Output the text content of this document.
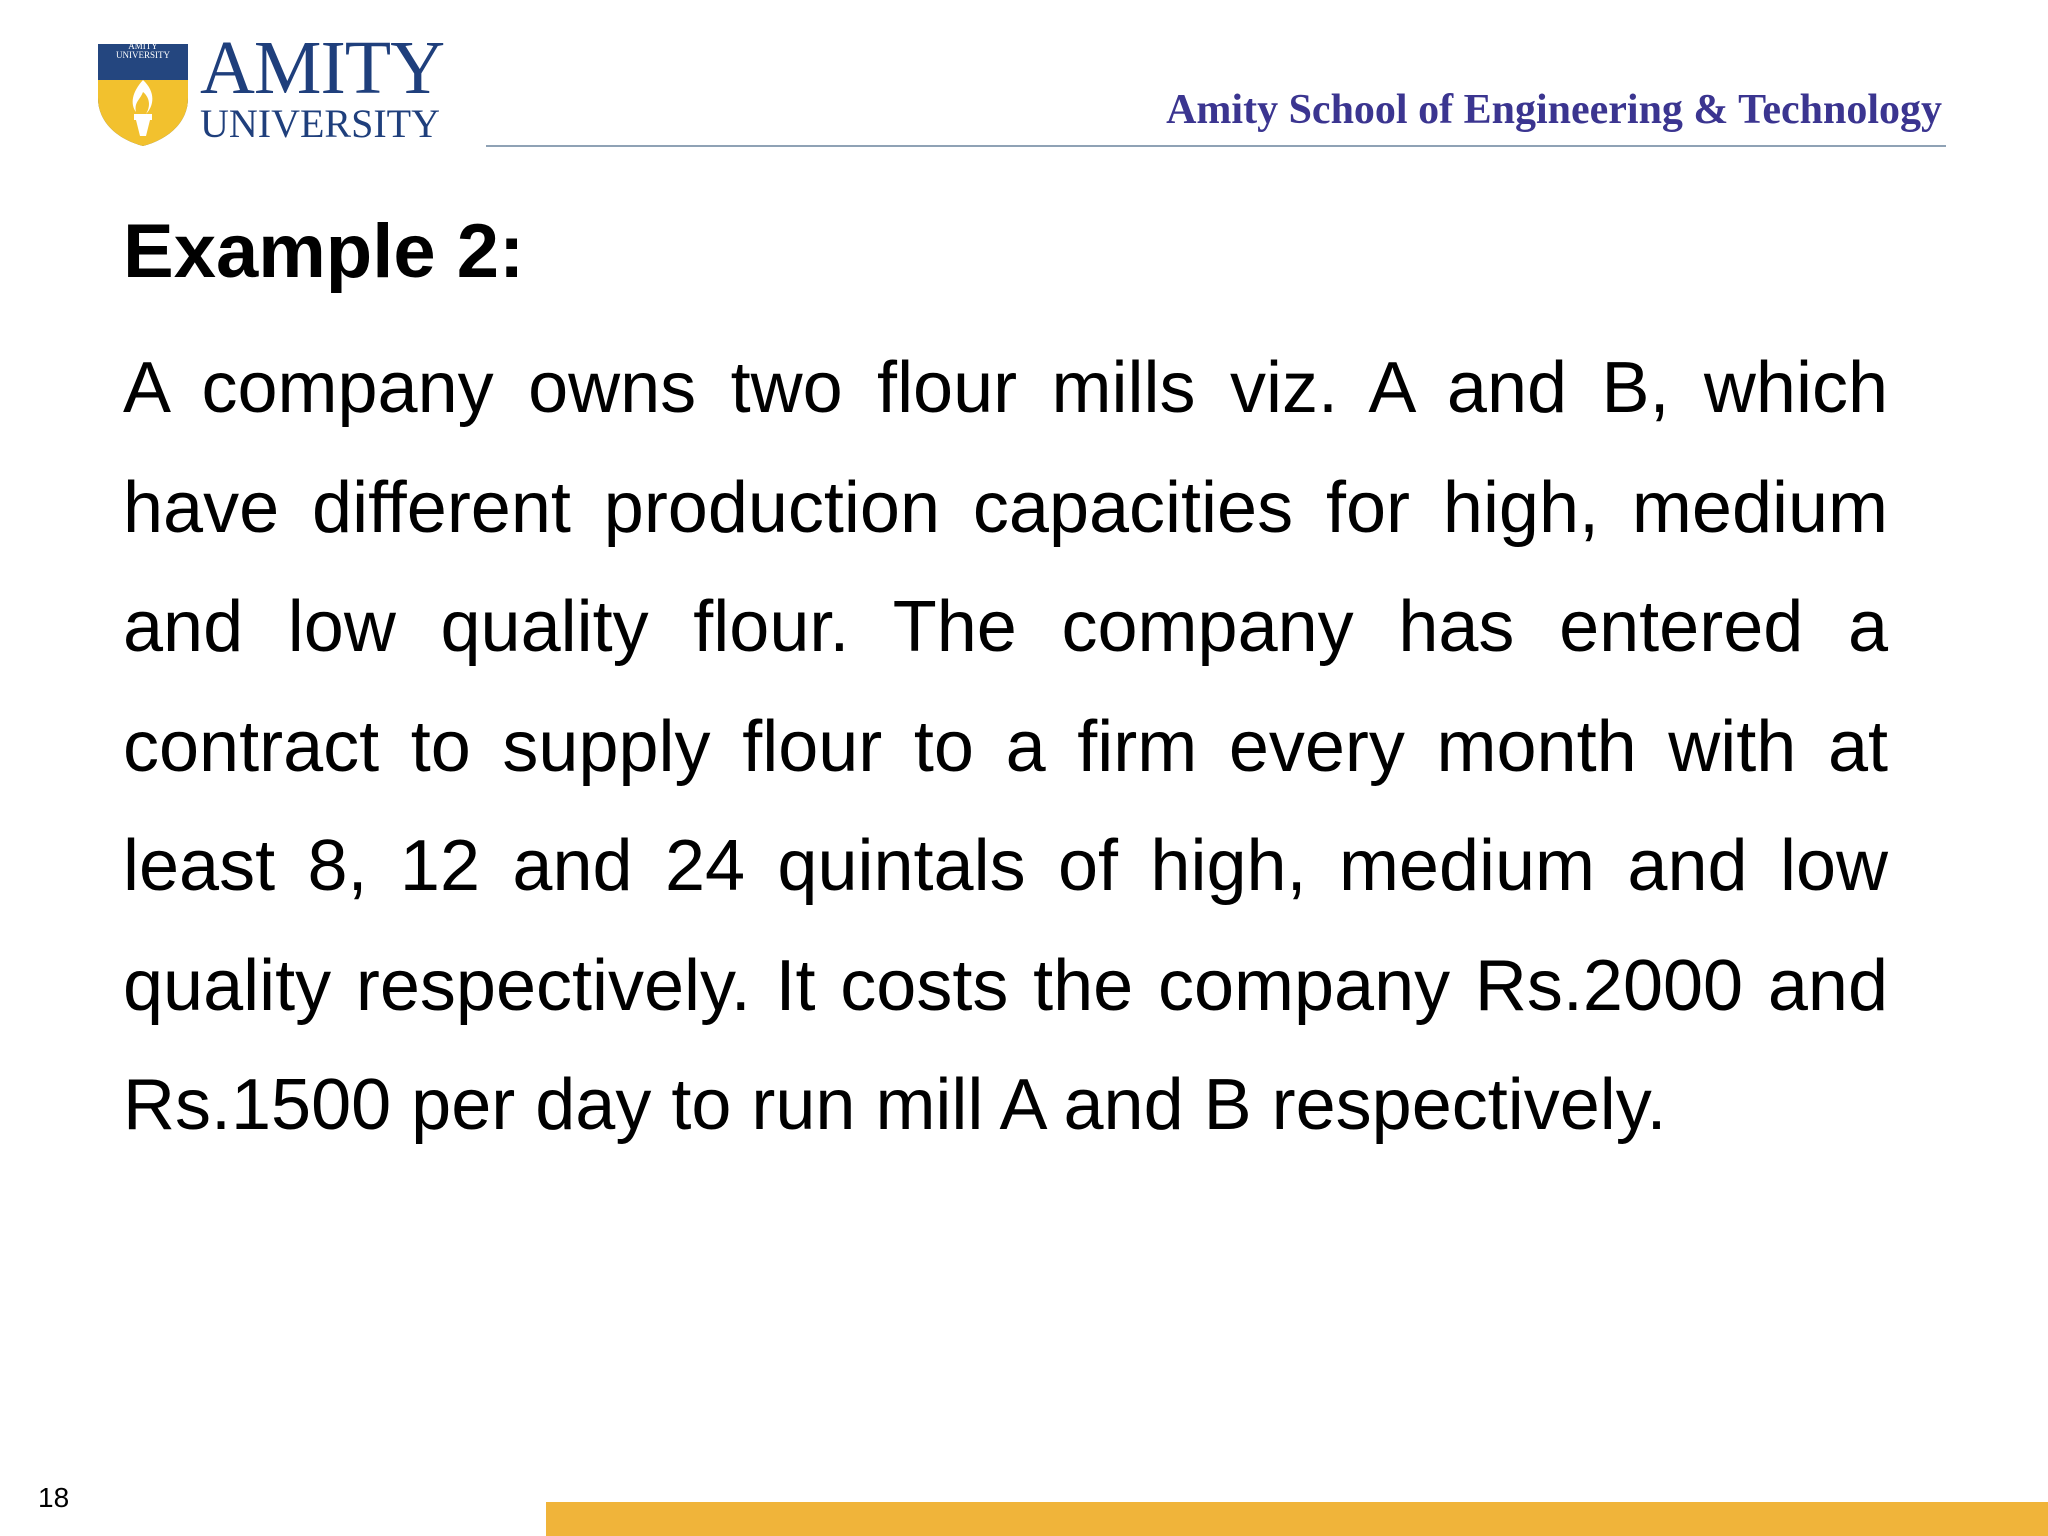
AMITY UNIVERSITY AMITY
UNIVERSITY	Amity School of Engineering & Technology
Example 2:

A company owns two flour mills viz. A and B, which have different production capacities for high, medium and low quality flour. The company has entered a contract to supply flour to a firm every month with at least 8, 12 and 24 quintals of high, medium and low quality respectively. It costs the company Rs.2000 and Rs.1500 per day to run mill A and B respectively.

18
